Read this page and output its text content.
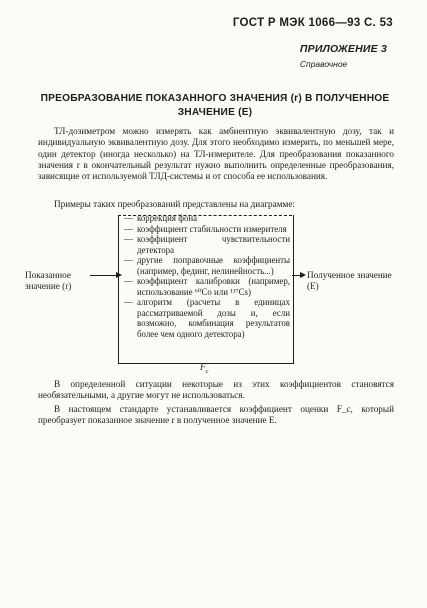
ГОСТ Р МЭК 1066—93 С. 53
ПРИЛОЖЕНИЕ 3
Справочное
ПРЕОБРАЗОВАНИЕ ПОКАЗАННОГО ЗНАЧЕНИЯ (r) В ПОЛУЧЕННОЕ
ЗНАЧЕНИЕ (E)
ТЛ-дозиметром можно измерять как амбиентную эквивалентную дозу, так и индивидуальную эквивалентную дозу. Для этого необходимо измерить, по меньшей мере, один детектор (иногда несколько) на ТЛ-измерителе. Для преобразования показанного значения r в окончательный результат нужно выполнить определенные преобразования, зависящие от используемой ТЛД-системы и от способа ее использования.
Примеры таких преобразований представлены на диаграмме:
Показанное значение (r)
— коррекция фона
— коэффициент стабильности измерителя
— коэффициент чувствительности детектора
— другие поправочные коэффициенты (например, фединг, нелинейность...)
— коэффициент калибровки (например, использование ⁶⁰Co или ¹³⁷Cs)
— алгоритм (расчеты в единицах рассматриваемой дозы и, если возможно, комбинация результатов более чем одного детектора)
$F_c$
Полученное значение (E)
В определенной ситуации некоторые из этих коэффициентов становятся необязательными, а другие могут не использоваться.
В настоящем стандарте устанавливается коэффициент оценки F_c, который преобразует показанное значение r в полученное значение E.
